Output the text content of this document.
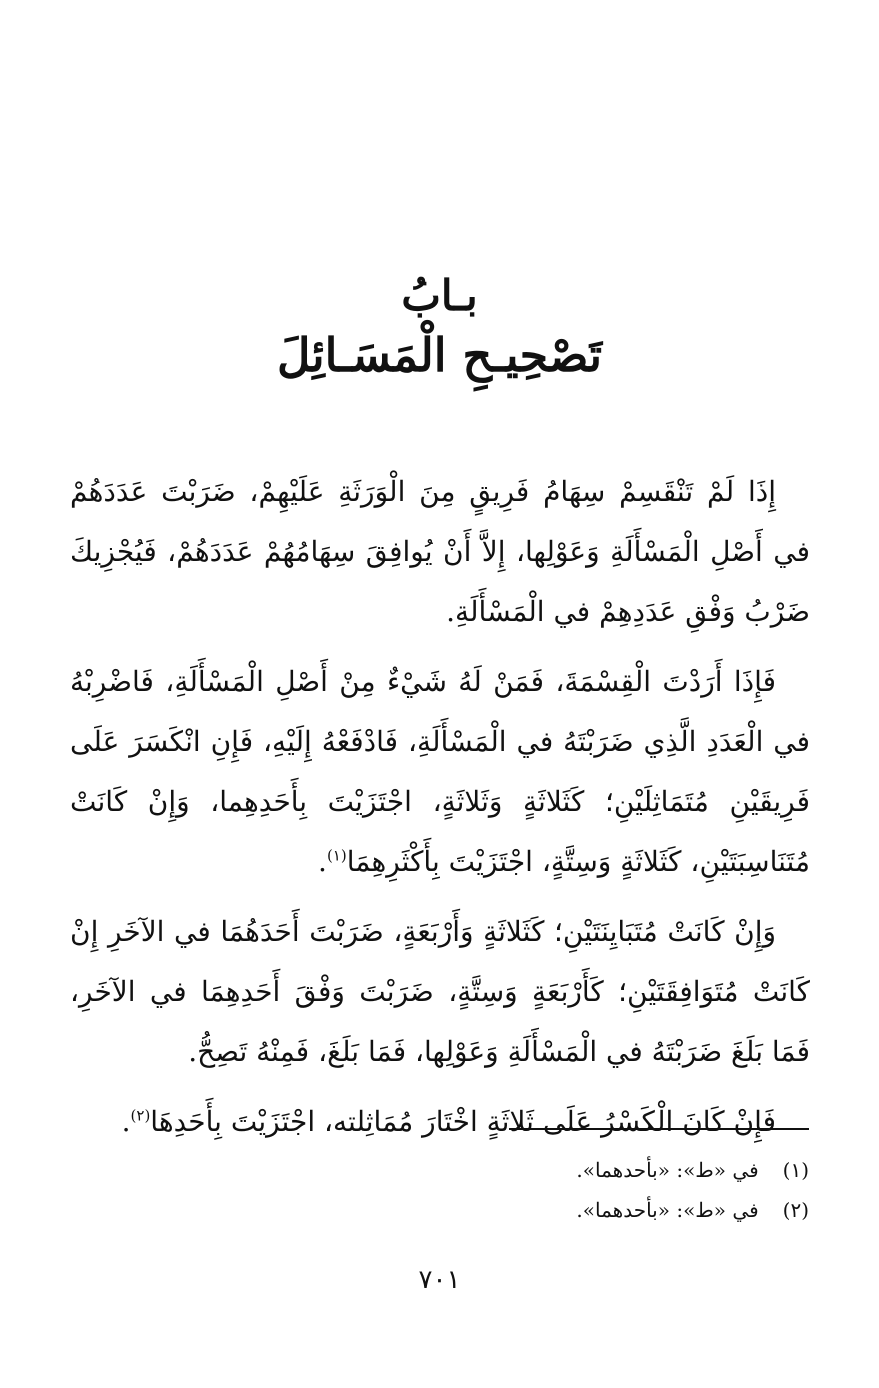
بـابُ
تَصْحِيـحِ الْمَسَـائِلَ

إِذَا لَمْ تَنْقَسِمْ سِهَامُ فَرِيقٍ مِنَ الْوَرَثَةِ عَلَيْهِمْ، ضَرَبْتَ عَدَدَهُمْ في أَصْلِ الْمَسْأَلَةِ وَعَوْلِها، إِلاَّ أَنْ يُوافِقَ سِهَامُهُمْ عَدَدَهُمْ، فَيُجْزِيكَ ضَرْبُ وَفْقِ عَدَدِهِمْ في الْمَسْأَلَةِ.

فَإِذَا أَرَدْتَ الْقِسْمَةَ، فَمَنْ لَهُ شَيْءٌ مِنْ أَصْلِ الْمَسْأَلَةِ، فَاضْرِبْهُ في الْعَدَدِ الَّذِي ضَرَبْتَهُ في الْمَسْأَلَةِ، فَادْفَعْهُ إِلَيْهِ، فَإِنِ انْكَسَرَ عَلَى فَرِيقَيْنِ مُتَمَاثِلَيْنِ؛ كَثَلاثَةٍ وَثَلاثَةٍ، اجْتَزَيْتَ بِأَحَدِهِما، وَإِنْ كَانَتْ مُتَنَاسِبَتَيْنِ، كَثَلاثَةٍ وَسِتَّةٍ، اجْتَزَيْتَ بِأَكْثَرِهِمَا$^{(١)}$.

وَإِنْ كَانَتْ مُتَبَايِنَتَيْنِ؛ كَثَلاثَةٍ وَأَرْبَعَةٍ، ضَرَبْتَ أَحَدَهُمَا في الآخَرِ إِنْ كَانَتْ مُتَوَافِقَتَيْنِ؛ كَأَرْبَعَةٍ وَسِتَّةٍ، ضَرَبْتَ وَفْقَ أَحَدِهِمَا في الآخَرِ، فَمَا بَلَغَ ضَرَبْتَهُ في الْمَسْأَلَةِ وَعَوْلِها، فَمَا بَلَغَ، فَمِنْهُ تَصِحُّ.

فَإِنْ كَانَ الْكَسْرُ عَلَى ثَلاثَةٍ اخْتَارَ مُمَاثِلته، اجْتَزَيْتَ بِأَحَدِهَا$^{(٢)}$.

(١) في «ط»: «بأحدهما».
(٢) في «ط»: «بأحدهما».
٧٠١
